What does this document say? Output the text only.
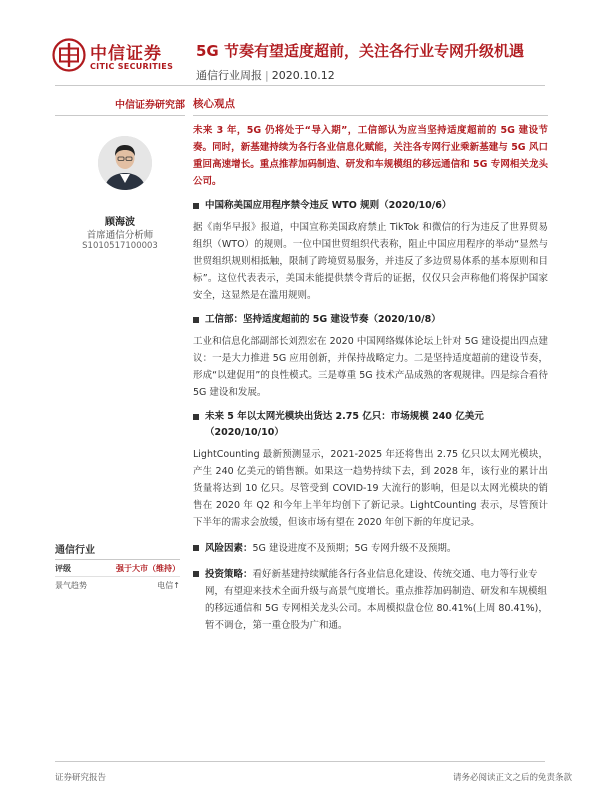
中信证券
CITIC SECURITIES
5G 节奏有望适度超前，关注各行业专网升级机遇
通信行业周报 | 2020.10.12
中信证券研究部
顾海波
首席通信分析师
S1010517100003
通信行业
评级	强于大市（维持）
景气趋势	电信↑
核心观点
未来 3 年，5G 仍将处于“导入期”，工信部认为应当坚持适度超前的 5G 建设节奏。同时，新基建持续为各行各业信息化赋能，关注各专网行业乘新基建与 5G 风口重回高速增长。重点推荐加码制造、研发和车规模组的移远通信和 5G 专网相关龙头公司。
中国称美国应用程序禁令违反 WTO 规则（2020/10/6）
据《南华早报》报道，中国宣称美国政府禁止 TikTok 和微信的行为违反了世界贸易组织（WTO）的规则。一位中国世贸组织代表称，阻止中国应用程序的举动“显然与世贸组织规则相抵触，限制了跨境贸易服务，并违反了多边贸易体系的基本原则和目标”。这位代表表示，美国未能提供禁令背后的证据，仅仅只会声称他们将保护国家安全，这显然是在滥用规则。
工信部：坚持适度超前的 5G 建设节奏（2020/10/8）
工业和信息化部副部长刘烈宏在 2020 中国网络媒体论坛上针对 5G 建设提出四点建议：一是大力推进 5G 应用创新，并保持战略定力。二是坚持适度超前的建设节奏，形成“以建促用”的良性模式。三是尊重 5G 技术产品成熟的客观规律。四是综合看待 5G 建设和发展。
未来 5 年以太网光模块出货达 2.75 亿只：市场规模 240 亿美元（2020/10/10）
LightCounting 最新预测显示，2021-2025 年还将售出 2.75 亿只以太网光模块，产生 240 亿美元的销售额。如果这一趋势持续下去，到 2028 年，该行业的累计出货量将达到 10 亿只。尽管受到 COVID-19 大流行的影响，但是以太网光模块的销售在 2020 年 Q2 和今年上半年均创下了新记录。LightCounting 表示，尽管预计下半年的需求会放缓，但该市场有望在 2020 年创下新的年度记录。
风险因素：5G 建设进度不及预期；5G 专网升级不及预期。
投资策略：看好新基建持续赋能各行各业信息化建设、传统交通、电力等行业专网，有望迎来技术全面升级与高景气度增长。重点推荐加码制造、研发和车规模组的移远通信和 5G 专网相关龙头公司。本周模拟盘仓位 80.41%(上周 80.41%)，暂不调仓，第一重仓股为广和通。
证券研究报告	请务必阅读正文之后的免责条款
